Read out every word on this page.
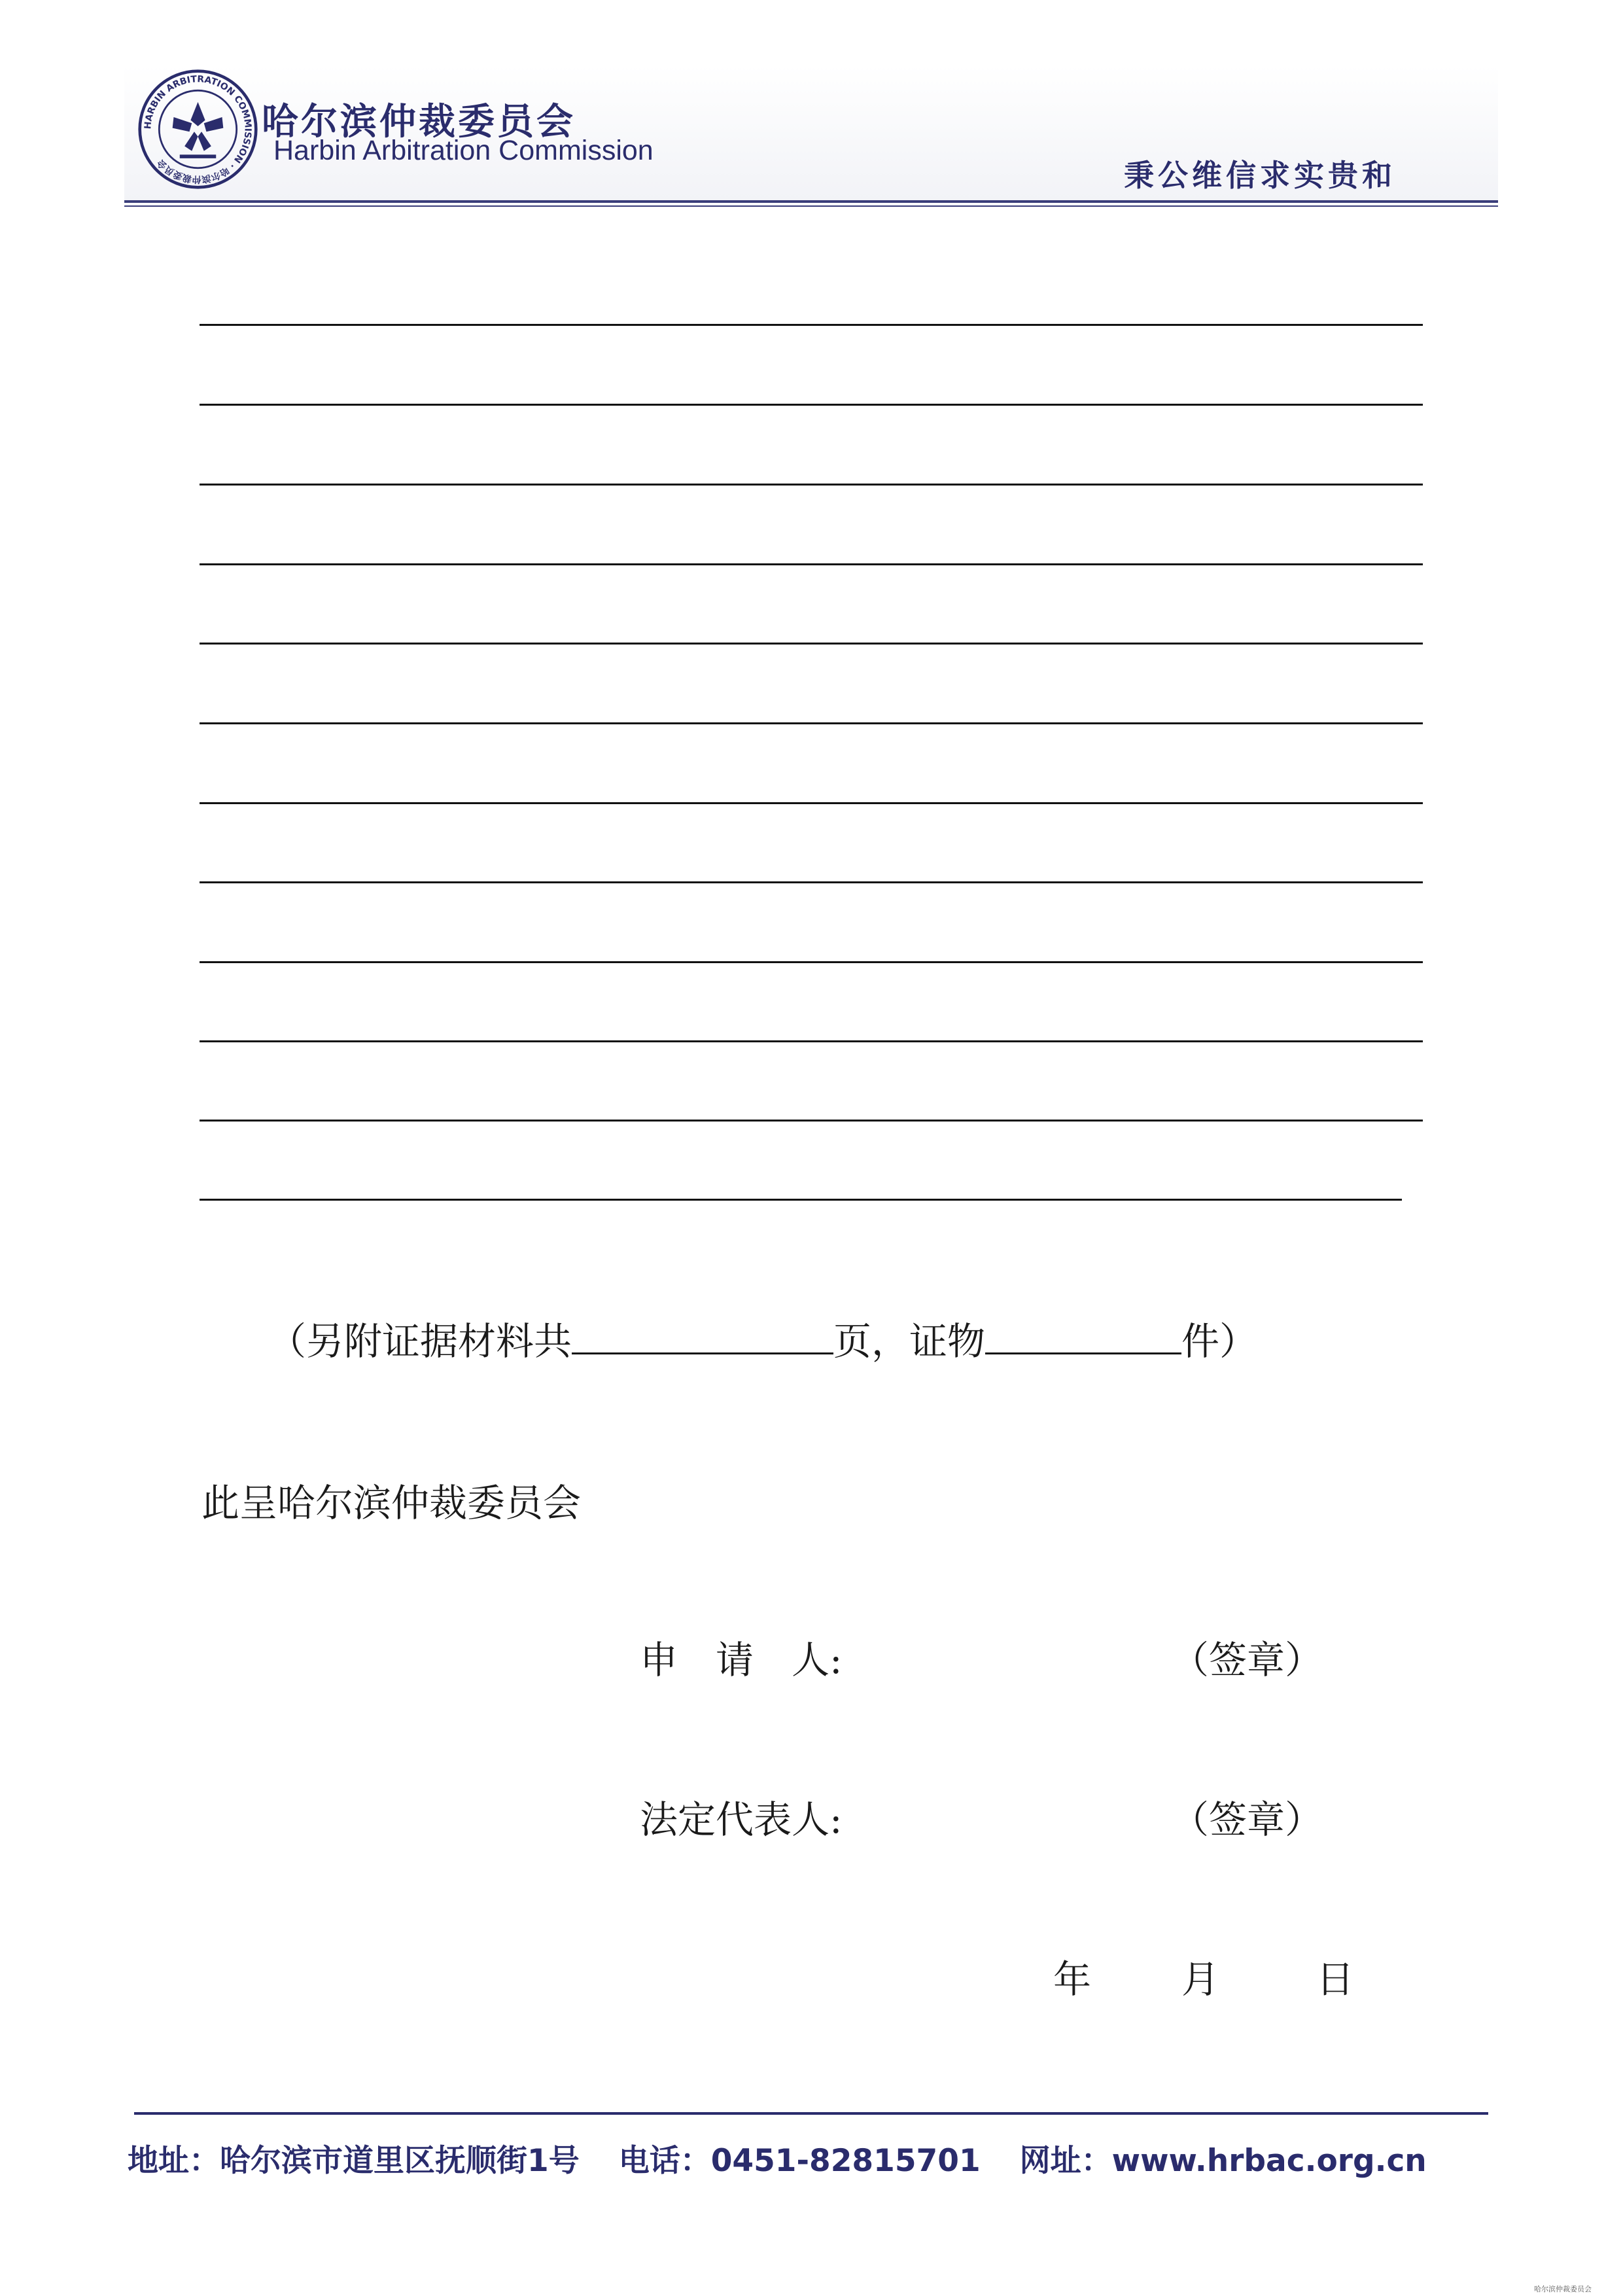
HARBIN ARBITRATION COMMISSION · 哈尔滨仲裁委员会
哈尔滨仲裁委员会
Harbin Arbitration Commission
秉公维信求实贵和
（另附证据材料共	页，证物	件）
此呈哈尔滨仲裁委员会
申　请　人:	（签章）
法定代表人:	（签章）
年 月	日
地址：哈尔滨市道里区抚顺街1号 电话：0451-82815701 网址：www.hrbac.org.cn
哈尔滨仲裁委员会
